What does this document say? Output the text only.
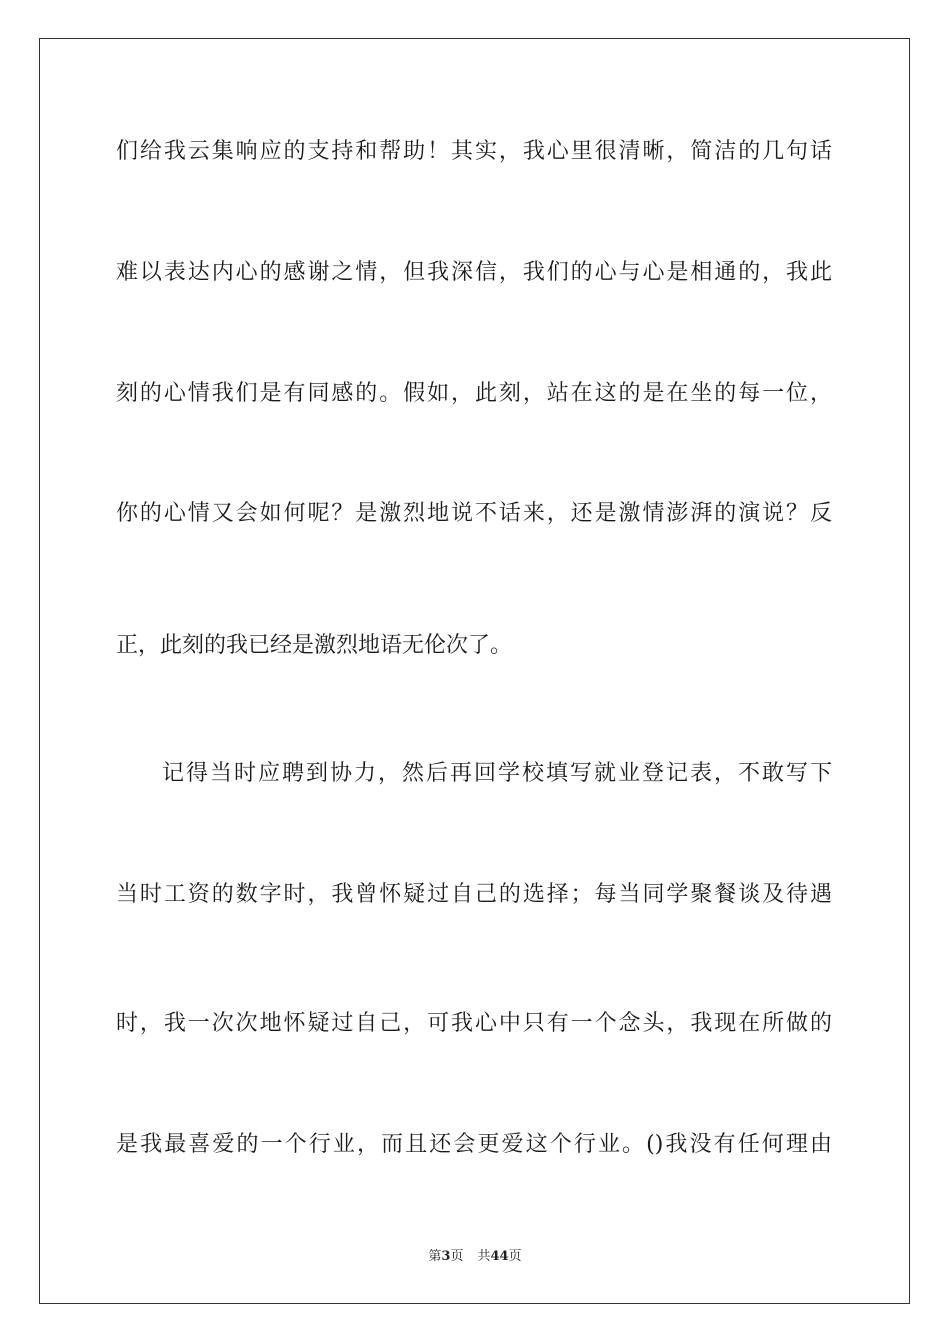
们给我云集响应的支持和帮助！其实，我心里很清晰，简洁的几句话
难以表达内心的感谢之情，但我深信，我们的心与心是相通的，我此
刻的心情我们是有同感的。假如，此刻，站在这的是在坐的每一位，
你的心情又会如何呢？是激烈地说不话来，还是激情澎湃的演说？反
正，此刻的我已经是激烈地语无伦次了。
记得当时应聘到协力，然后再回学校填写就业登记表，不敢写下
当时工资的数字时，我曾怀疑过自己的选择；每当同学聚餐谈及待遇
时，我一次次地怀疑过自己，可我心中只有一个念头，我现在所做的
是我最喜爱的一个行业，而且还会更爱这个行业。()我没有任何理由
第3页 共44页
